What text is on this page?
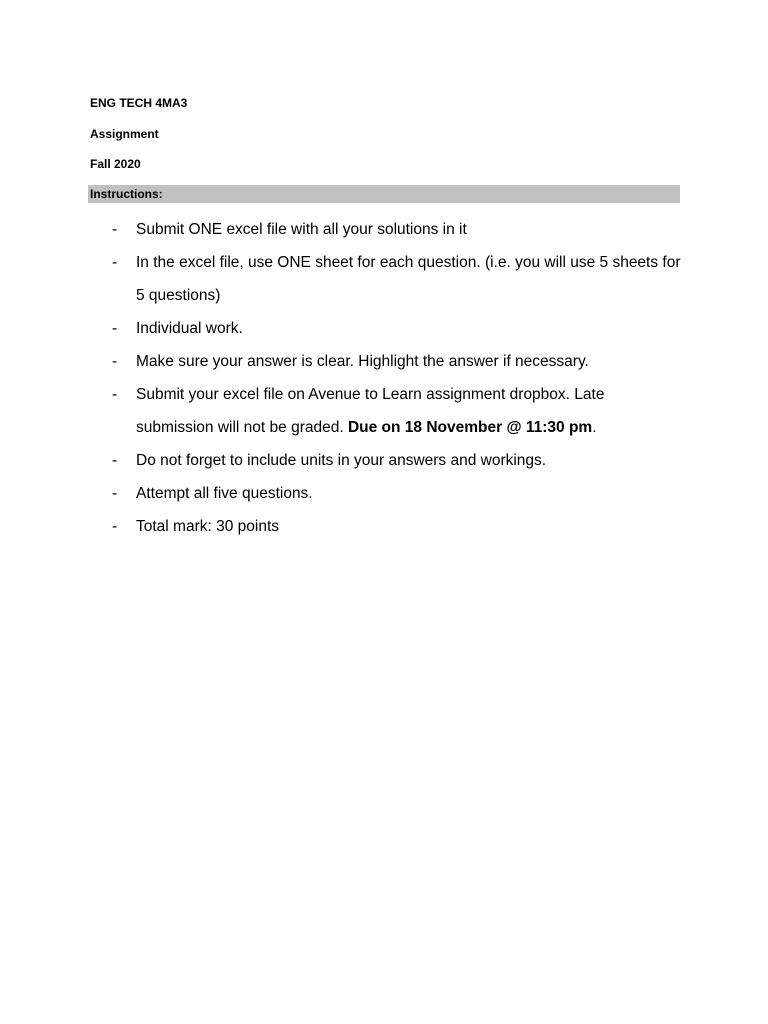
ENG TECH 4MA3
Assignment
Fall 2020
Instructions:
-	Submit ONE excel file with all your solutions in it
-	In the excel file, use ONE sheet for each question. (i.e. you will use 5 sheets for 5 questions)
-	Individual work.
-	Make sure your answer is clear. Highlight the answer if necessary.
-	Submit your excel file on Avenue to Learn assignment dropbox. Late submission will not be graded. Due on 18 November @ 11:30 pm.
-	Do not forget to include units in your answers and workings.
-	Attempt all five questions.
-	Total mark: 30 points
